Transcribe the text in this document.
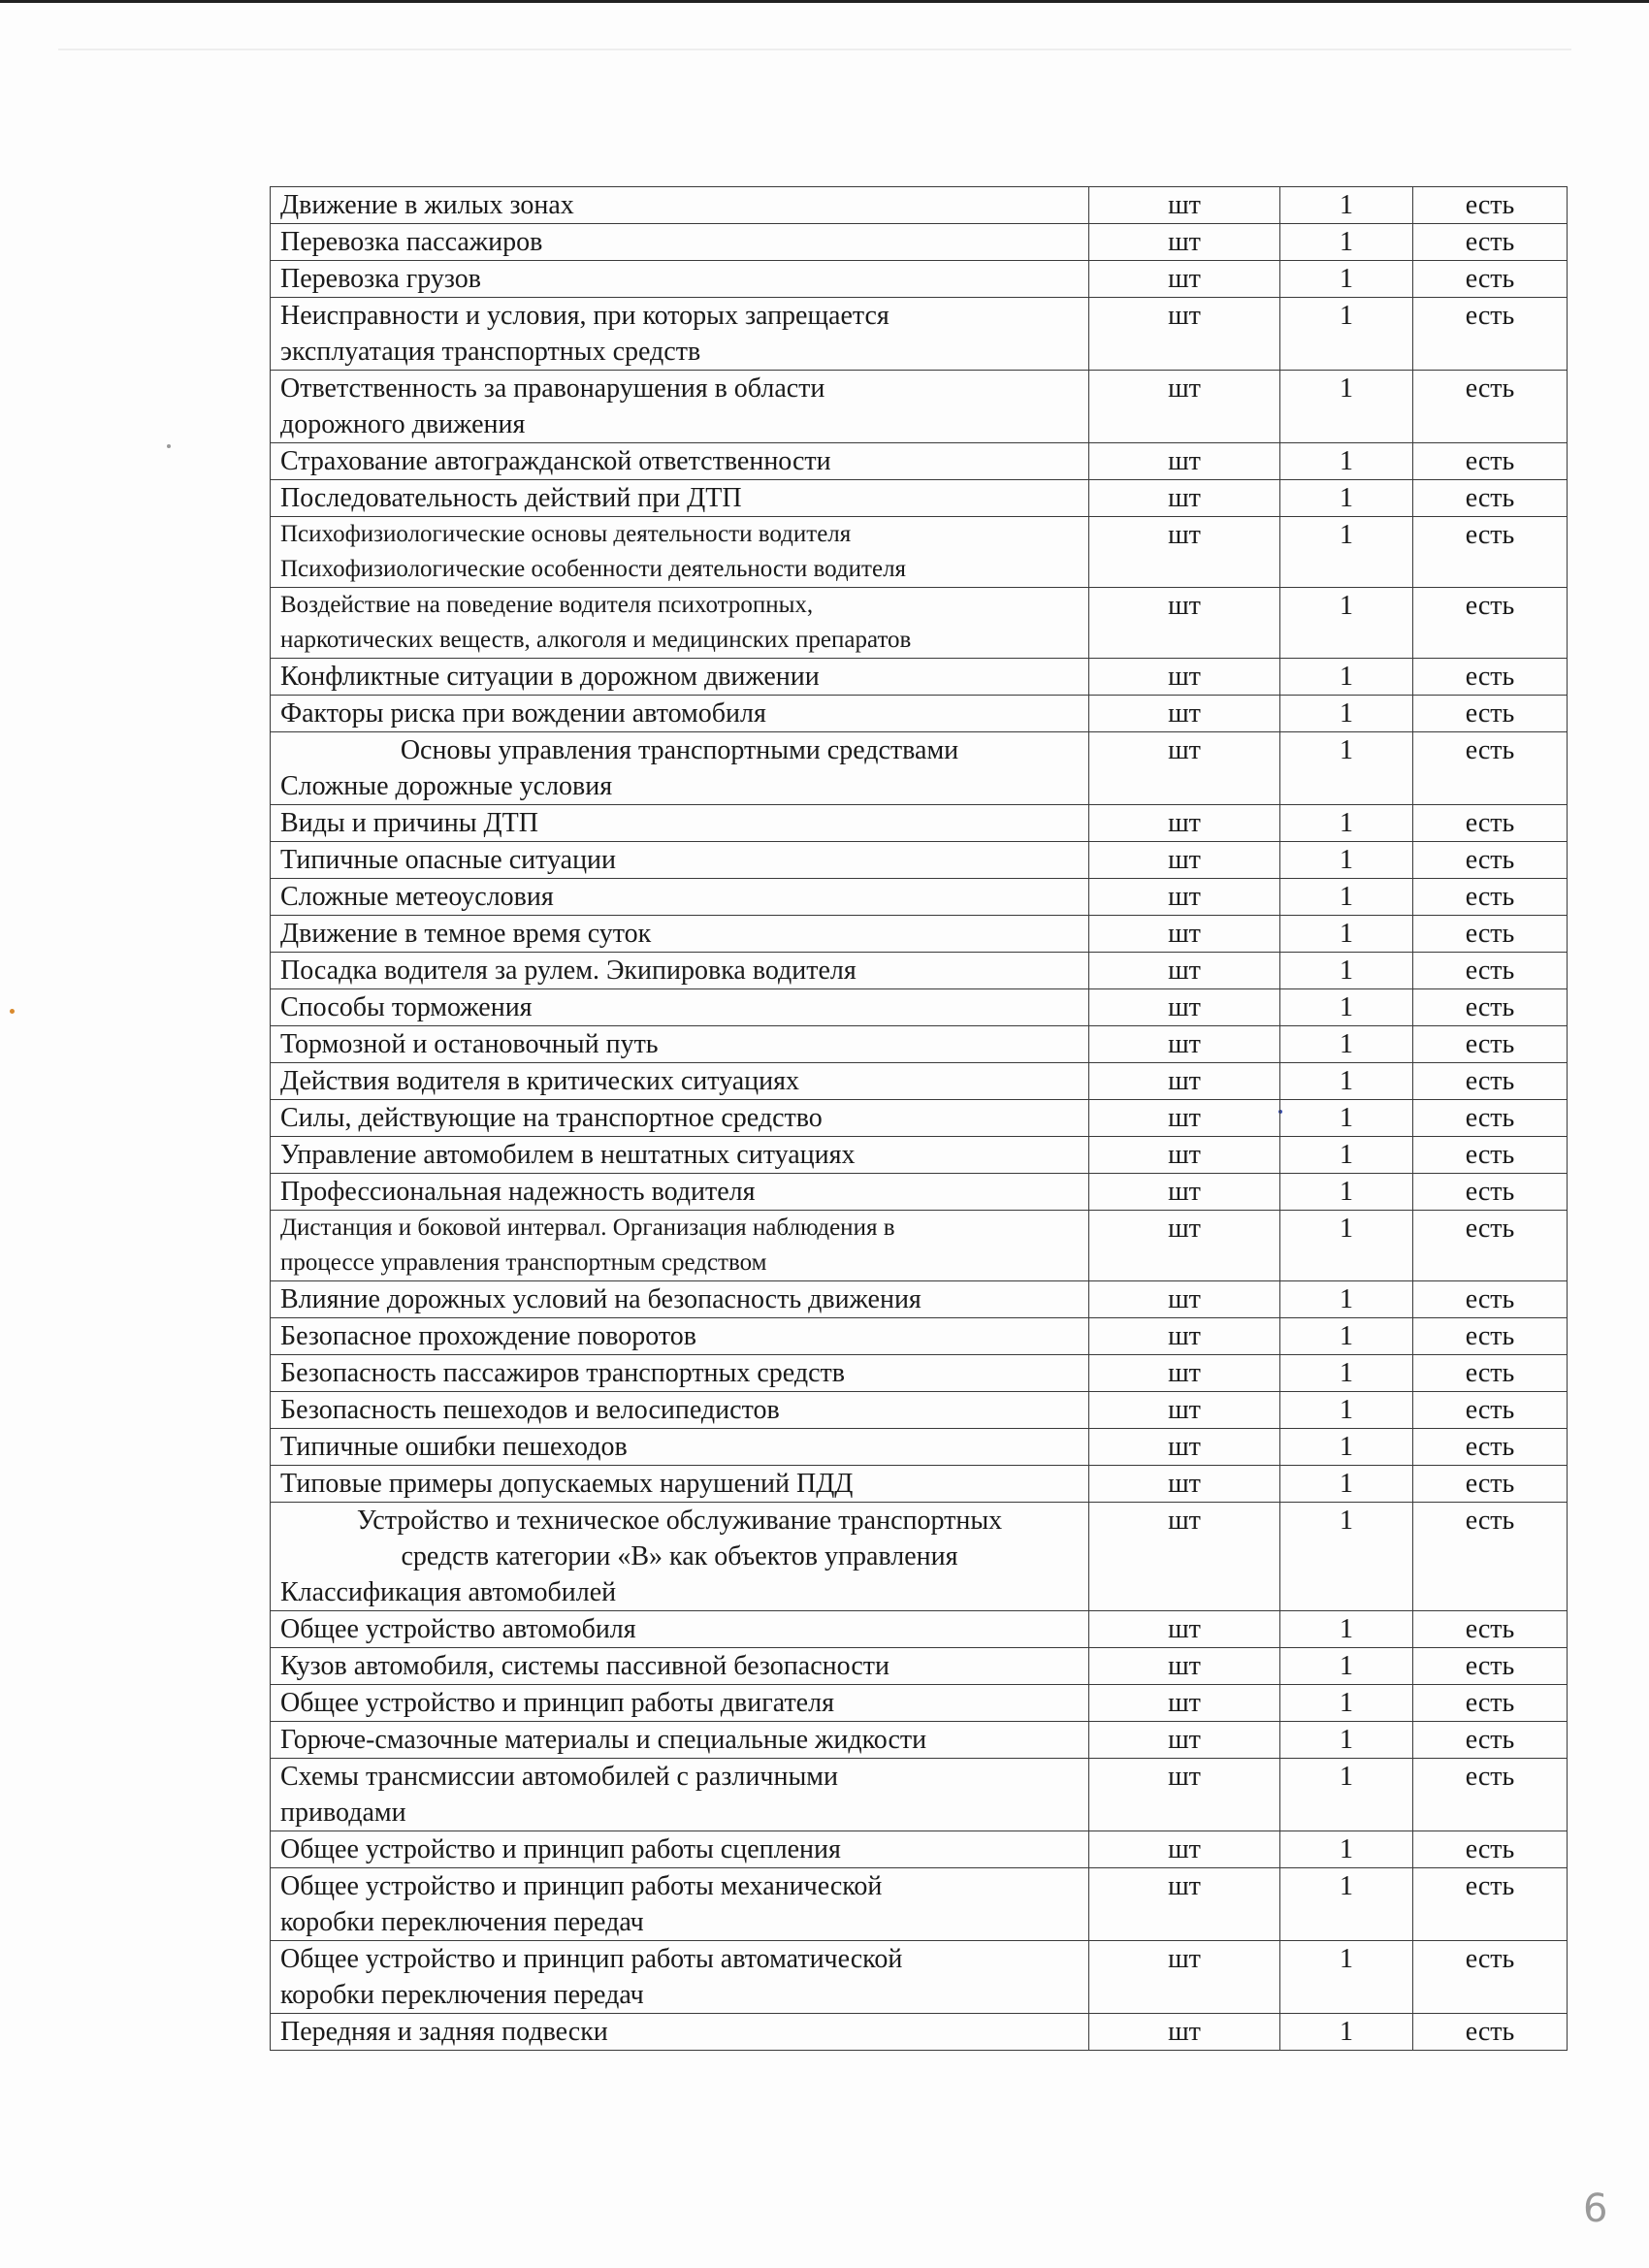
Движение в жилых зонах	шт	1	есть

Перевозка пассажиров	шт	1	есть

Перевозка грузов	шт	1	есть

Неисправности и условия, при которых запрещается
эксплуатация транспортных средств	шт	1	есть

Ответственность за правонарушения в области
дорожного движения	шт	1	есть

Страхование автогражданской ответственности	шт	1	есть

Последовательность действий при ДТП	шт	1	есть

Психофизиологические основы деятельности водителя
Психофизиологические особенности деятельности водителя	шт	1	есть

Воздействие на поведение водителя психотропных,
наркотических веществ, алкоголя и медицинских препаратов	шт	1	есть

Конфликтные ситуации в дорожном движении	шт	1	есть

Факторы риска при вождении автомобиля	шт	1	есть

Основы управления транспортными средствами
Сложные дорожные условия	шт	1	есть

Виды и причины ДТП	шт	1	есть

Типичные опасные ситуации	шт	1	есть

Сложные метеоусловия	шт	1	есть

Движение в темное время суток	шт	1	есть

Посадка водителя за рулем. Экипировка водителя	шт	1	есть

Способы торможения	шт	1	есть

Тормозной и остановочный путь	шт	1	есть

Действия водителя в критических ситуациях	шт	1	есть

Силы, действующие на транспортное средство	шт	1	есть

Управление автомобилем в нештатных ситуациях	шт	1	есть

Профессиональная надежность водителя	шт	1	есть

Дистанция и боковой интервал. Организация наблюдения в
процессе управления транспортным средством	шт	1	есть

Влияние дорожных условий на безопасность движения	шт	1	есть

Безопасное прохождение поворотов	шт	1	есть

Безопасность пассажиров транспортных средств	шт	1	есть

Безопасность пешеходов и велосипедистов	шт	1	есть

Типичные ошибки пешеходов	шт	1	есть

Типовые примеры допускаемых нарушений ПДД	шт	1	есть

Устройство и техническое обслуживание транспортных
средств категории «В» как объектов управления
Классификация автомобилей	шт	1	есть

Общее устройство автомобиля	шт	1	есть

Кузов автомобиля, системы пассивной безопасности	шт	1	есть

Общее устройство и принцип работы двигателя	шт	1	есть

Горюче-смазочные материалы и специальные жидкости	шт	1	есть

Схемы трансмиссии автомобилей с различными
приводами	шт	1	есть

Общее устройство и принцип работы сцепления	шт	1	есть

Общее устройство и принцип работы механической
коробки переключения передач	шт	1	есть

Общее устройство и принцип работы автоматической
коробки переключения передач	шт	1	есть

Передняя и задняя подвески	шт	1	есть
6
